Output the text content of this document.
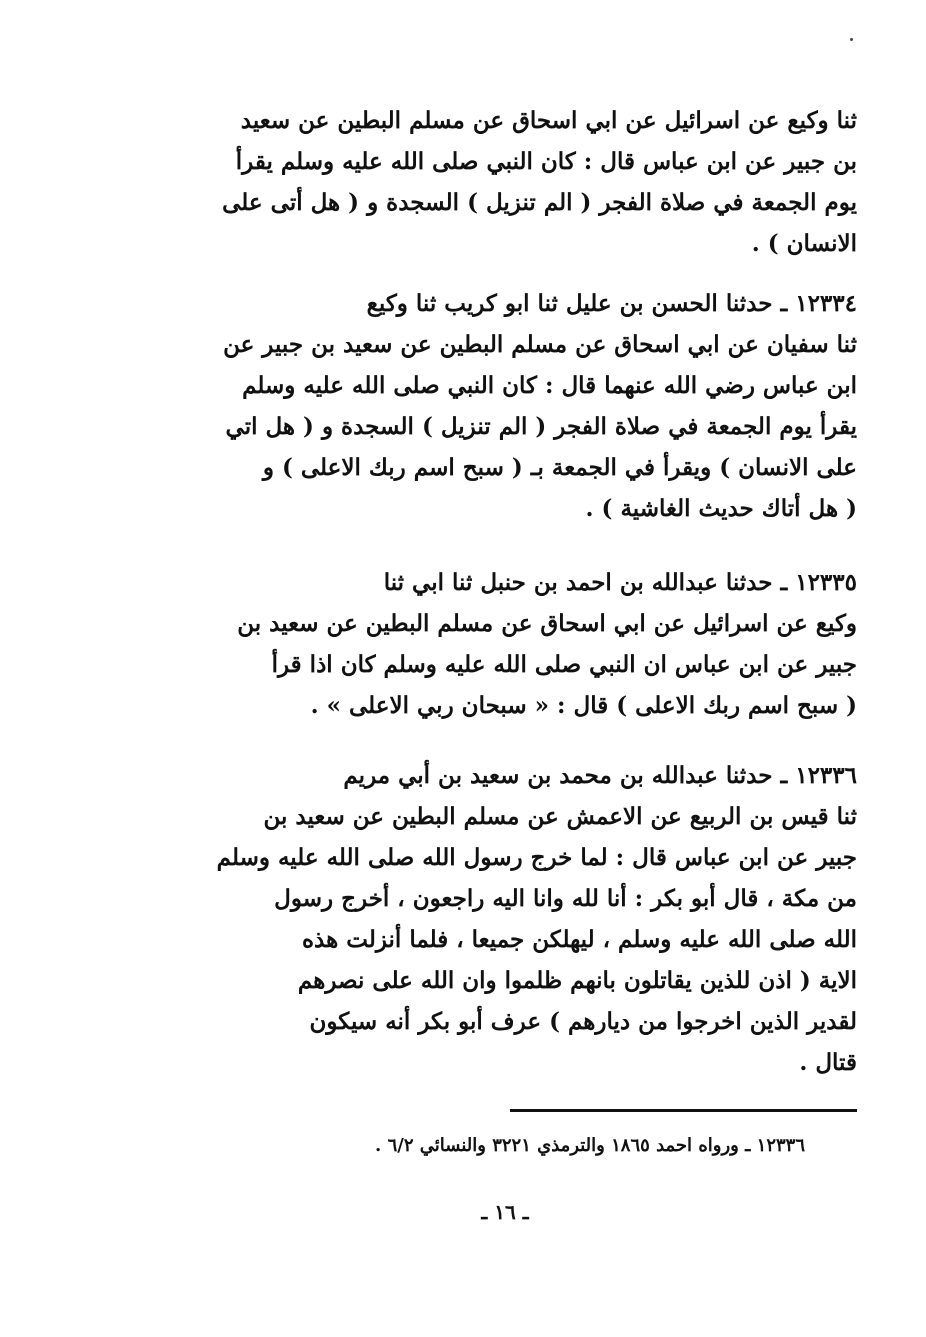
ثنا وكيع عن اسرائيل عن ابي اسحاق عن مسلم البطين عن سعيد
بن جبير عن ابن عباس قال : كان النبي صلى الله عليه وسلم يقرأ
يوم الجمعة في صلاة الفجر ( الم تنزيل ) السجدة و ( هل أتى على
الانسان ) .
١٢٣٣٤ ـ حدثنا الحسن بن عليل ثنا ابو كريب ثنا وكيع
ثنا سفيان عن ابي اسحاق عن مسلم البطين عن سعيد بن جبير عن
ابن عباس رضي الله عنهما قال : كان النبي صلى الله عليه وسلم
يقرأ يوم الجمعة في صلاة الفجر ( الم تنزيل ) السجدة و ( هل اتي
على الانسان ) ويقرأ في الجمعة بـ ( سبح اسم ربك الاعلى ) و
( هل أتاك حديث الغاشية ) .
١٢٣٣٥ ـ حدثنا عبدالله بن احمد بن حنبل ثنا ابي ثنا
وكيع عن اسرائيل عن ابي اسحاق عن مسلم البطين عن سعيد بن
جبير عن ابن عباس ان النبي صلى الله عليه وسلم كان اذا قرأ
( سبح اسم ربك الاعلى ) قال : « سبحان ربي الاعلى » .
١٢٣٣٦ ـ حدثنا عبدالله بن محمد بن سعيد بن أبي مريم
ثنا قيس بن الربيع عن الاعمش عن مسلم البطين عن سعيد بن
جبير عن ابن عباس قال : لما خرج رسول الله صلى الله عليه وسلم
من مكة ، قال أبو بكر : أنا لله وانا اليه راجعون ، أخرج رسول
الله صلى الله عليه وسلم ، ليهلكن جميعا ، فلما أنزلت هذه
الاية ( اذن للذين يقاتلون بانهم ظلموا وان الله على نصرهم
لقدير الذين اخرجوا من ديارهم ) عرف أبو بكر أنه سيكون
قتال .
١٢٣٣٦ ـ ورواه احمد ١٨٦٥ والترمذي ٣٢٢١ والنسائي ٦/٢ .
ـ ١٦ ـ
